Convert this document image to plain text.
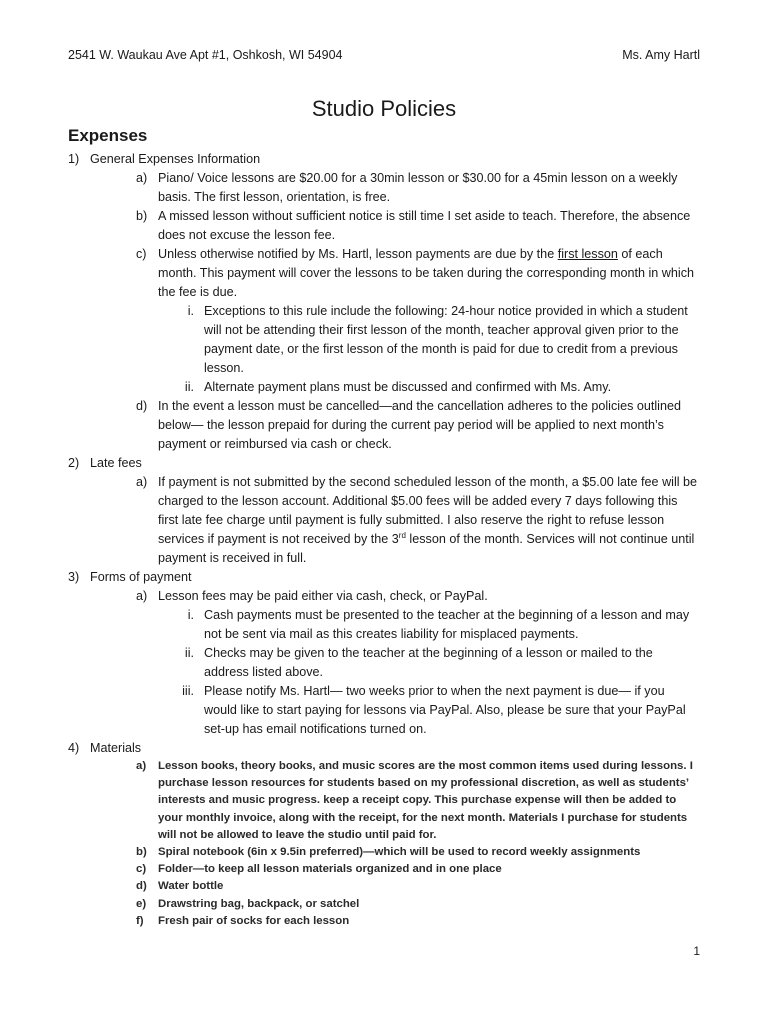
2541 W. Waukau Ave Apt #1, Oshkosh, WI 54904	Ms. Amy Hartl
Studio Policies
Expenses
1) General Expenses Information
a) Piano/ Voice lessons are $20.00 for a 30min lesson or $30.00 for a 45min lesson on a weekly basis. The first lesson, orientation, is free.
b) A missed lesson without sufficient notice is still time I set aside to teach. Therefore, the absence does not excuse the lesson fee.
c) Unless otherwise notified by Ms. Hartl, lesson payments are due by the first lesson of each month. This payment will cover the lessons to be taken during the corresponding month in which the fee is due.
i. Exceptions to this rule include the following: 24-hour notice provided in which a student will not be attending their first lesson of the month, teacher approval given prior to the payment date, or the first lesson of the month is paid for due to credit from a previous lesson.
ii. Alternate payment plans must be discussed and confirmed with Ms. Amy.
d) In the event a lesson must be cancelled—and the cancellation adheres to the policies outlined below— the lesson prepaid for during the current pay period will be applied to next month’s payment or reimbursed via cash or check.
2) Late fees
a) If payment is not submitted by the second scheduled lesson of the month, a $5.00 late fee will be charged to the lesson account. Additional $5.00 fees will be added every 7 days following this first late fee charge until payment is fully submitted. I also reserve the right to refuse lesson services if payment is not received by the 3rd lesson of the month. Services will not continue until payment is received in full.
3) Forms of payment
a) Lesson fees may be paid either via cash, check, or PayPal.
i. Cash payments must be presented to the teacher at the beginning of a lesson and may not be sent via mail as this creates liability for misplaced payments.
ii. Checks may be given to the teacher at the beginning of a lesson or mailed to the address listed above.
iii. Please notify Ms. Hartl— two weeks prior to when the next payment is due— if you would like to start paying for lessons via PayPal. Also, please be sure that your PayPal set-up has email notifications turned on.
4) Materials
a) Lesson books, theory books, and music scores are the most common items used during lessons. I purchase lesson resources for students based on my professional discretion, as well as students’ interests and music progress. keep a receipt copy. This purchase expense will then be added to your monthly invoice, along with the receipt, for the next month. Materials I purchase for students will not be allowed to leave the studio until paid for.
b) Spiral notebook (6in x 9.5in preferred)—which will be used to record weekly assignments
c) Folder—to keep all lesson materials organized and in one place
d) Water bottle
e) Drawstring bag, backpack, or satchel
f) Fresh pair of socks for each lesson
1
